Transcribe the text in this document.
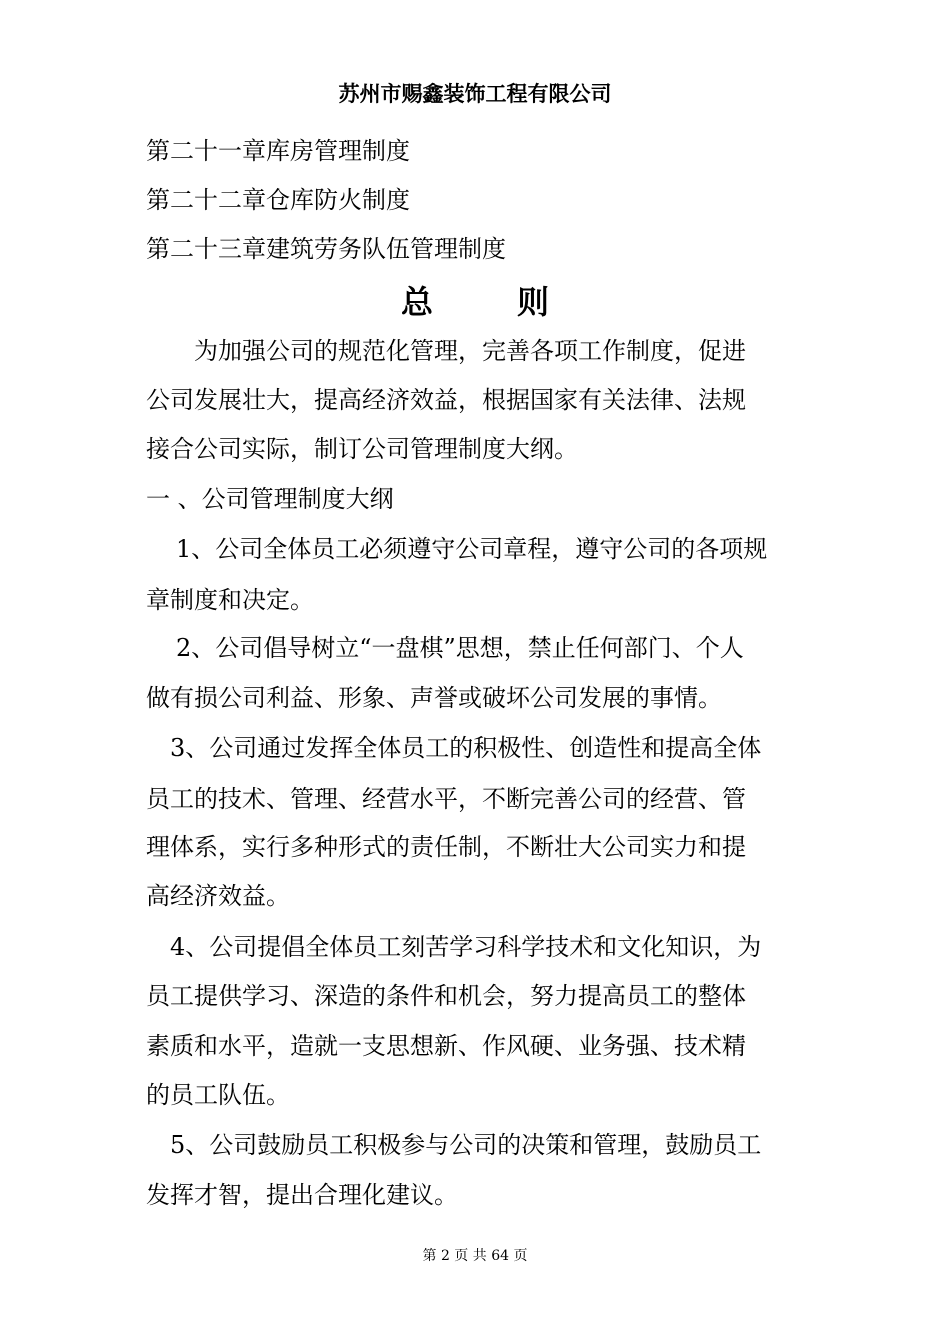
苏州市赐鑫装饰工程有限公司
第二十一章库房管理制度
第二十二章仓库防火制度
第二十三章建筑劳务队伍管理制度
总	则
为加强公司的规范化管理，完善各项工作制度，促进
公司发展壮大，提高经济效益，根据国家有关法律、法规
接合公司实际，制订公司管理制度大纲。
一 、公司管理制度大纲
1、公司全体员工必须遵守公司章程，遵守公司的各项规
章制度和决定。
2、公司倡导树立“一盘棋”思想，禁止任何部门、个人
做有损公司利益、形象、声誉或破坏公司发展的事情。
3、公司通过发挥全体员工的积极性、创造性和提高全体
员工的技术、管理、经营水平，不断完善公司的经营、管
理体系，实行多种形式的责任制，不断壮大公司实力和提
高经济效益。
4、公司提倡全体员工刻苦学习科学技术和文化知识，为
员工提供学习、深造的条件和机会，努力提高员工的整体
素质和水平，造就一支思想新、作风硬、业务强、技术精
的员工队伍。
5、公司鼓励员工积极参与公司的决策和管理，鼓励员工
发挥才智，提出合理化建议。
第 2 页 共 64 页
